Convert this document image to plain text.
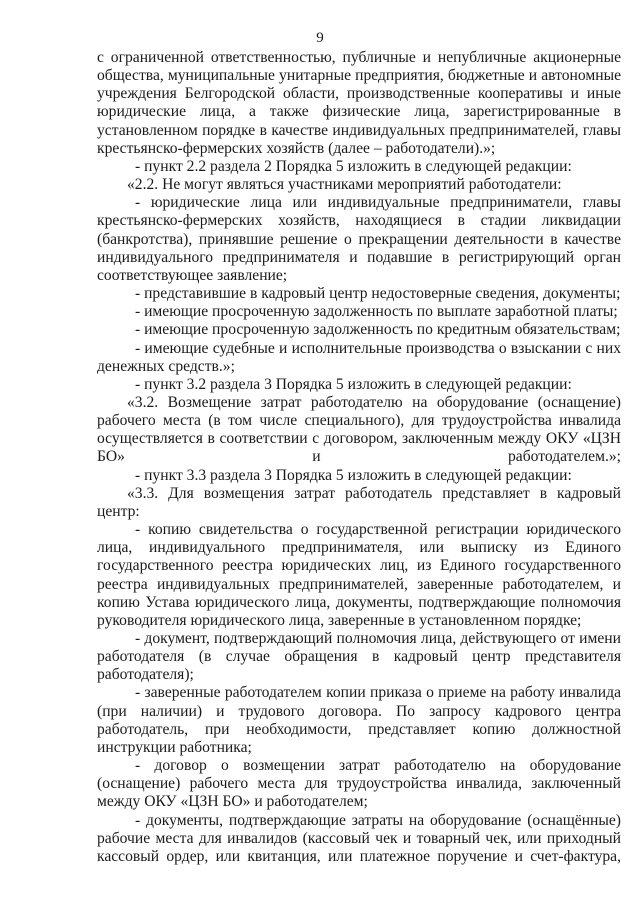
9

с ограниченной ответственностью, публичные и непубличные акционерные общества, муниципальные унитарные предприятия, бюджетные и автономные учреждения Белгородской области, производственные кооперативы и иные юридические лица, а также физические лица, зарегистрированные в установленном порядке в качестве индивидуальных предпринимателей, главы крестьянско-фермерских хозяйств (далее – работодатели).»;

- пункт 2.2 раздела 2 Порядка 5 изложить в следующей редакции:

«2.2. Не могут являться участниками мероприятий работодатели:

- юридические лица или индивидуальные предприниматели, главы крестьянско-фермерских хозяйств, находящиеся в стадии ликвидации (банкротства), принявшие решение о прекращении деятельности в качестве индивидуального предпринимателя и подавшие в регистрирующий орган соответствующее заявление;

- представившие в кадровый центр недостоверные сведения, документы;

- имеющие просроченную задолженность по выплате заработной платы;

- имеющие просроченную задолженность по кредитным обязательствам;

- имеющие судебные и исполнительные производства о взыскании с них денежных средств.»;

- пункт 3.2 раздела 3 Порядка 5 изложить в следующей редакции:

«3.2. Возмещение затрат работодателю на оборудование (оснащение) рабочего места (в том числе специального), для трудоустройства инвалида осуществляется в соответствии с договором, заключенным между ОКУ «ЦЗН БО» и работодателем.»;

- пункт 3.3 раздела 3 Порядка 5 изложить в следующей редакции:

«3.3. Для возмещения затрат работодатель представляет в кадровый центр:

- копию свидетельства о государственной регистрации юридического лица, индивидуального предпринимателя, или выписку из Единого государственного реестра юридических лиц, из Единого государственного реестра индивидуальных предпринимателей, заверенные работодателем, и копию Устава юридического лица, документы, подтверждающие полномочия руководителя юридического лица, заверенные в установленном порядке;

- документ, подтверждающий полномочия лица, действующего от имени работодателя (в случае обращения в кадровый центр представителя работодателя);

- заверенные работодателем копии приказа о приеме на работу инвалида (при наличии) и трудового договора. По запросу кадрового центра работодатель, при необходимости, представляет копию должностной инструкции работника;

- договор о возмещении затрат работодателю на оборудование (оснащение) рабочего места для трудоустройства инвалида, заключенный между ОКУ «ЦЗН БО» и работодателем;

- документы, подтверждающие затраты на оборудование (оснащённые) рабочие места для инвалидов (кассовый чек и товарный чек, или приходный кассовый ордер, или квитанция, или платежное поручение и счет-фактура,
